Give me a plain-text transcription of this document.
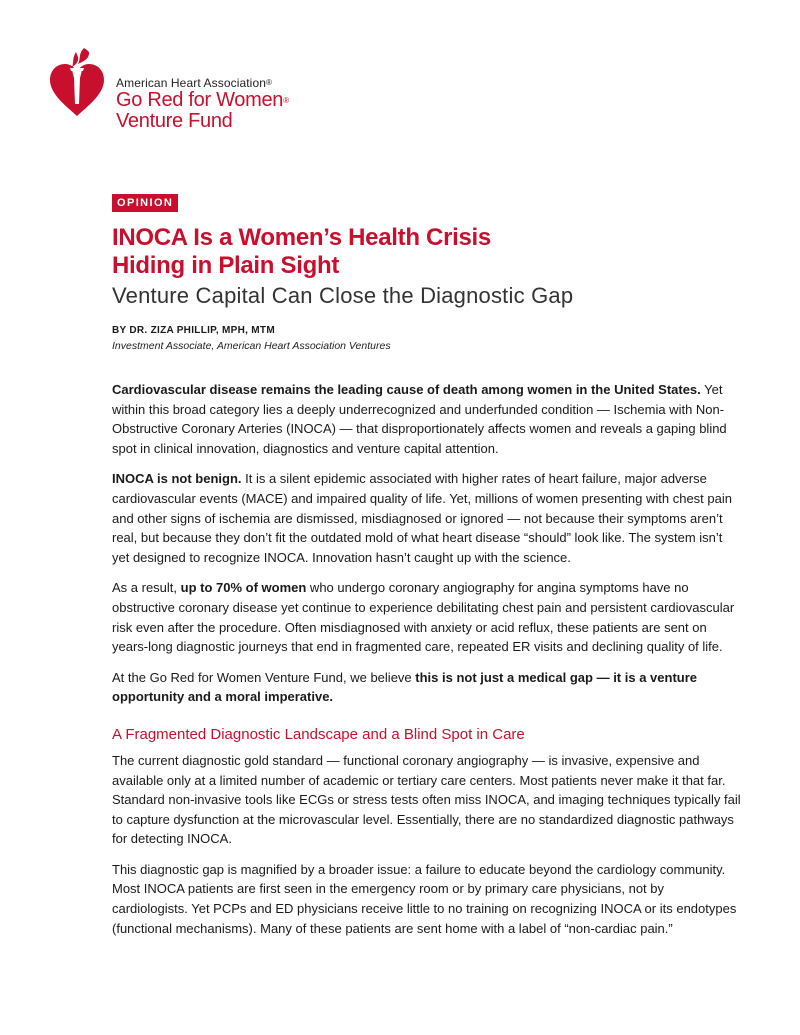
American Heart Association®
Go Red for Women®
Venture Fund
OPINION
INOCA Is a Women’s Health Crisis
Hiding in Plain Sight
Venture Capital Can Close the Diagnostic Gap
BY DR. ZIZA PHILLIP, MPH, MTM
Investment Associate, American Heart Association Ventures

Cardiovascular disease remains the leading cause of death among women in the United States. Yet within this broad category lies a deeply underrecognized and underfunded condition — Ischemia with Non-Obstructive Coronary Arteries (INOCA) — that disproportionately affects women and reveals a gaping blind spot in clinical innovation, diagnostics and venture capital attention.

INOCA is not benign. It is a silent epidemic associated with higher rates of heart failure, major adverse cardiovascular events (MACE) and impaired quality of life. Yet, millions of women presenting with chest pain and other signs of ischemia are dismissed, misdiagnosed or ignored — not because their symptoms aren’t real, but because they don’t fit the outdated mold of what heart disease “should” look like. The system isn’t yet designed to recognize INOCA. Innovation hasn’t caught up with the science.

As a result, up to 70% of women who undergo coronary angiography for angina symptoms have no obstructive coronary disease yet continue to experience debilitating chest pain and persistent cardiovascular risk even after the procedure. Often misdiagnosed with anxiety or acid reflux, these patients are sent on years-long diagnostic journeys that end in fragmented care, repeated ER visits and declining quality of life.

At the Go Red for Women Venture Fund, we believe this is not just a medical gap — it is a venture opportunity and a moral imperative.

A Fragmented Diagnostic Landscape and a Blind Spot in Care

The current diagnostic gold standard — functional coronary angiography — is invasive, expensive and available only at a limited number of academic or tertiary care centers. Most patients never make it that far. Standard non-invasive tools like ECGs or stress tests often miss INOCA, and imaging techniques typically fail to capture dysfunction at the microvascular level. Essentially, there are no standardized diagnostic pathways for detecting INOCA.

This diagnostic gap is magnified by a broader issue: a failure to educate beyond the cardiology community. Most INOCA patients are first seen in the emergency room or by primary care physicians, not by cardiologists. Yet PCPs and ED physicians receive little to no training on recognizing INOCA or its endotypes (functional mechanisms). Many of these patients are sent home with a label of “non-cardiac pain.”
